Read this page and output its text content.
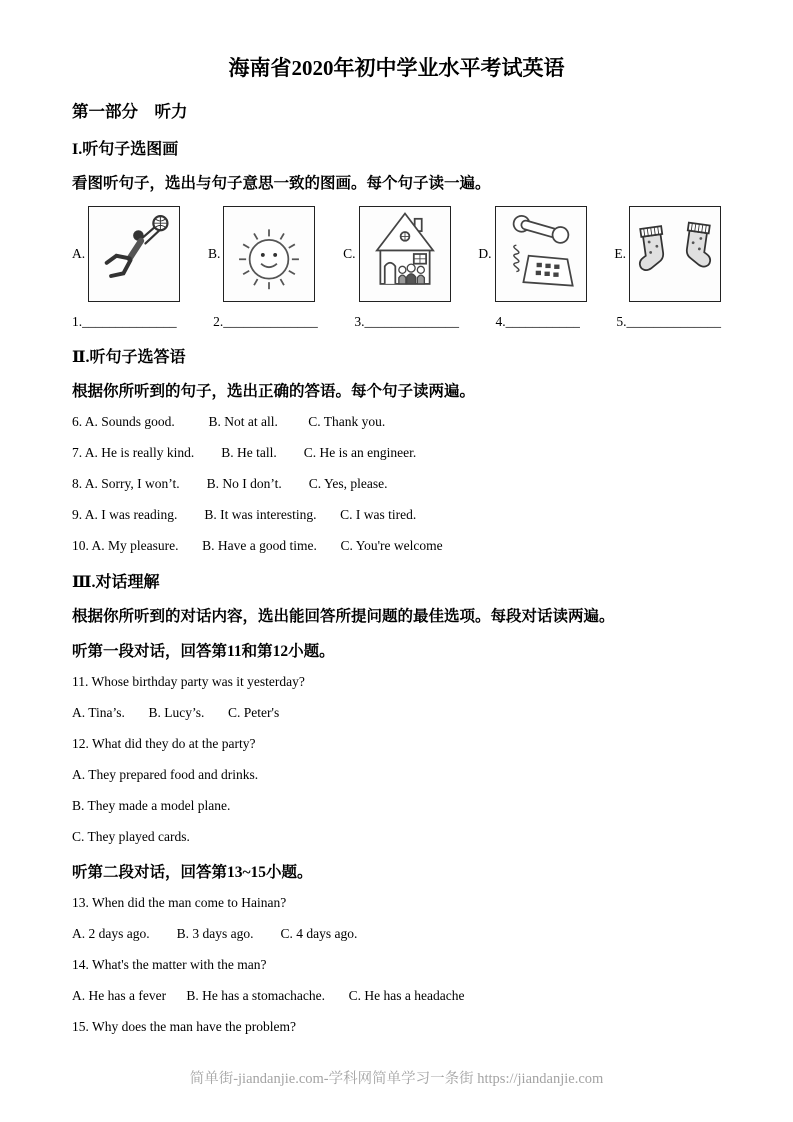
海南省2020年初中学业水平考试英语

第一部分　听力

I.听句子选图画

看图听句子，选出与句子意思一致的图画。每个句子读一遍。

A.	B.	C.	D.	E.
1.______________	2.______________	3.______________	4.___________	5.______________

Ⅱ.听句子选答语

根据你所听到的句子，选出正确的答语。每个句子读两遍。

6. A. Sounds good.          B. Not at all.         C. Thank you.

7. A. He is really kind.        B. He tall.        C. He is an engineer.

8. A. Sorry, I won’t.        B. No I don’t.        C. Yes, please.

9. A. I was reading.        B. It was interesting.       C. I was tired.

10. A. My pleasure.       B. Have a good time.       C. You're welcome

Ⅲ.对话理解

根据你所听到的对话内容，选出能回答所提问题的最佳选项。每段对话读两遍。

听第一段对话，回答第11和第12小题。

11. Whose birthday party was it yesterday?

A. Tina’s.       B. Lucy’s.       C. Peter's

12. What did they do at the party?

A. They prepared food and drinks.

B. They made a model plane.

C. They played cards.

听第二段对话，回答第13~15小题。

13. When did the man come to Hainan?

A. 2 days ago.        B. 3 days ago.        C. 4 days ago.

14. What's the matter with the man?

A. He has a fever      B. He has a stomachache.       C. He has a headache

15. Why does the man have the problem?

简单街-jiandanjie.com-学科网简单学习一条街 https://jiandanjie.com
